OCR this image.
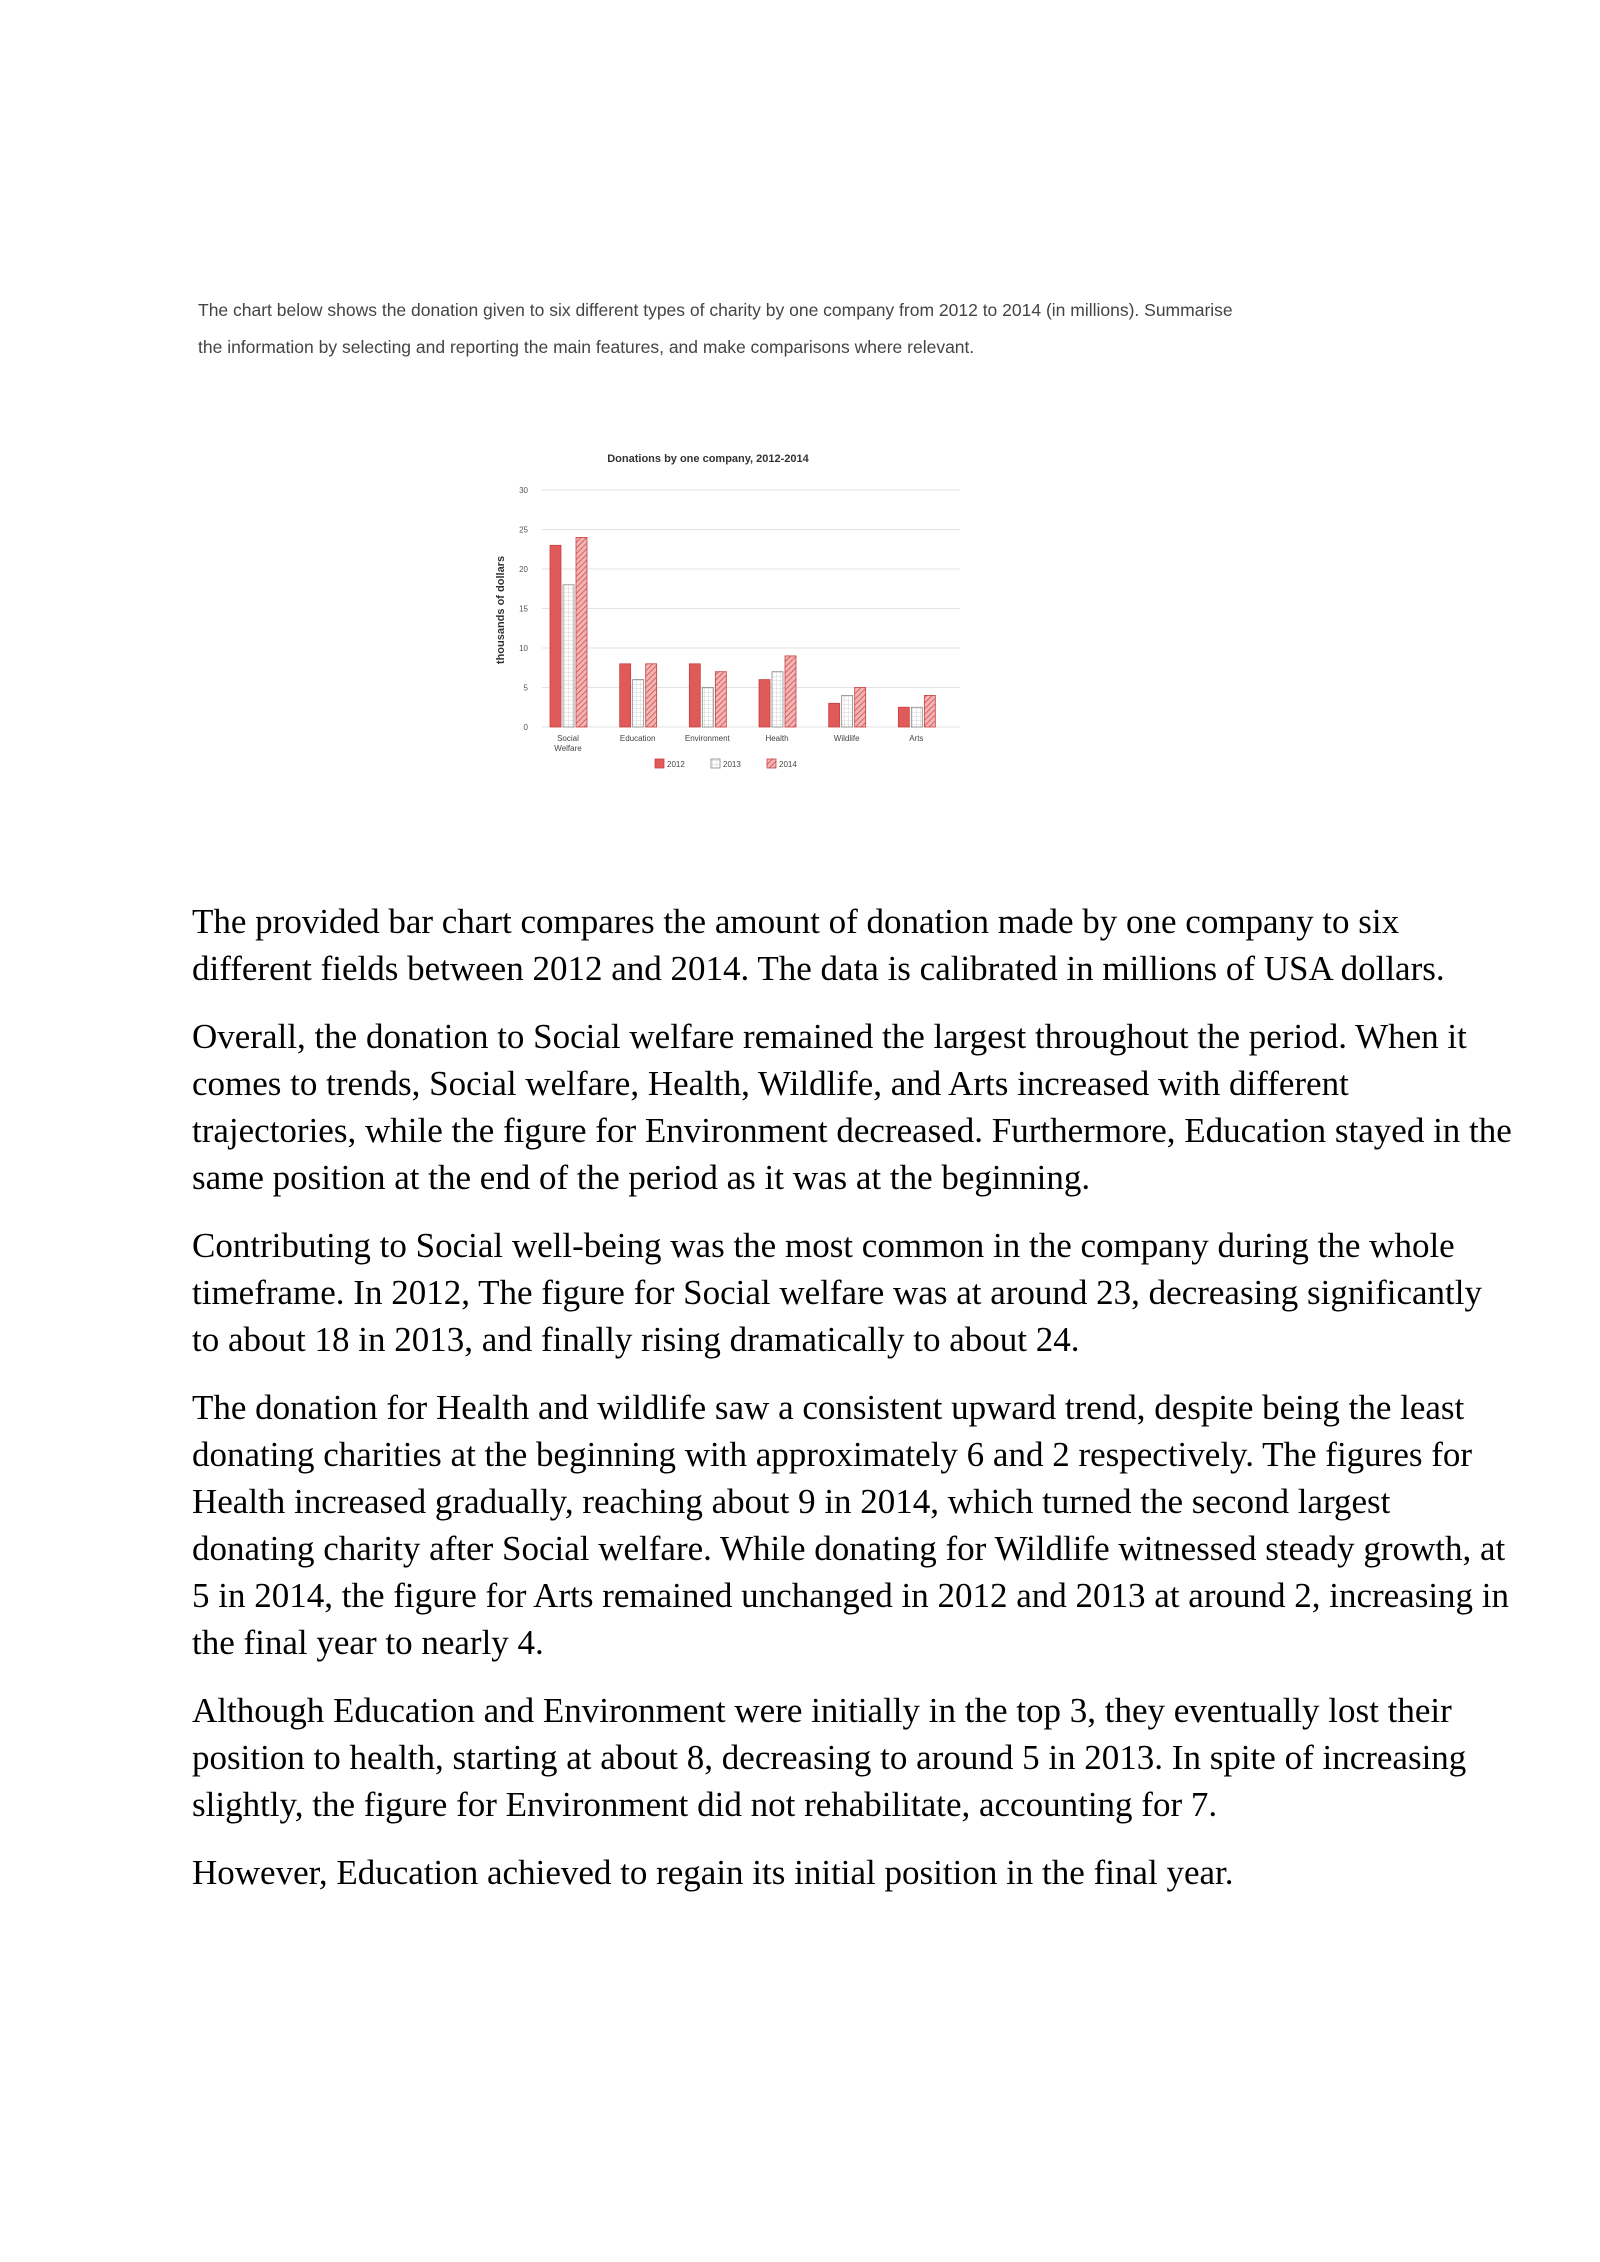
The chart below shows the donation given to six different types of charity by one company from 2012 to 2014 (in millions). Summarise the information by selecting and reporting the main features, and make comparisons where relevant.

Donations by one company, 2012-2014
thousands of dollars
0
5
10
15
20
25
30
Social Welfare
Education	Environment	Health	Wildlife	Arts
2012	2013	2014

The provided bar chart compares the amount of donation made by one company to six different fields between 2012 and 2014. The data is calibrated in millions of USA dollars.

Overall, the donation to Social welfare remained the largest throughout the period. When it comes to trends, Social welfare, Health, Wildlife, and Arts increased with different trajectories, while the figure for Environment decreased. Furthermore, Education stayed in the same position at the end of the period as it was at the beginning.

Contributing to Social well-being was the most common in the company during the whole timeframe. In 2012, The figure for Social welfare was at around 23, decreasing significantly to about 18 in 2013, and finally rising dramatically to about 24.

The donation for Health and wildlife saw a consistent upward trend, despite being the least donating charities at the beginning with approximately 6 and 2 respectively. The figures for Health increased gradually, reaching about 9 in 2014, which turned the second largest donating charity after Social welfare. While donating for Wildlife witnessed steady growth, at 5 in 2014, the figure for Arts remained unchanged in 2012 and 2013 at around 2, increasing in the final year to nearly 4.

Although Education and Environment were initially in the top 3, they eventually lost their position to health, starting at about 8, decreasing to around 5 in 2013. In spite of increasing slightly, the figure for Environment did not rehabilitate, accounting for 7.

However, Education achieved to regain its initial position in the final year.
